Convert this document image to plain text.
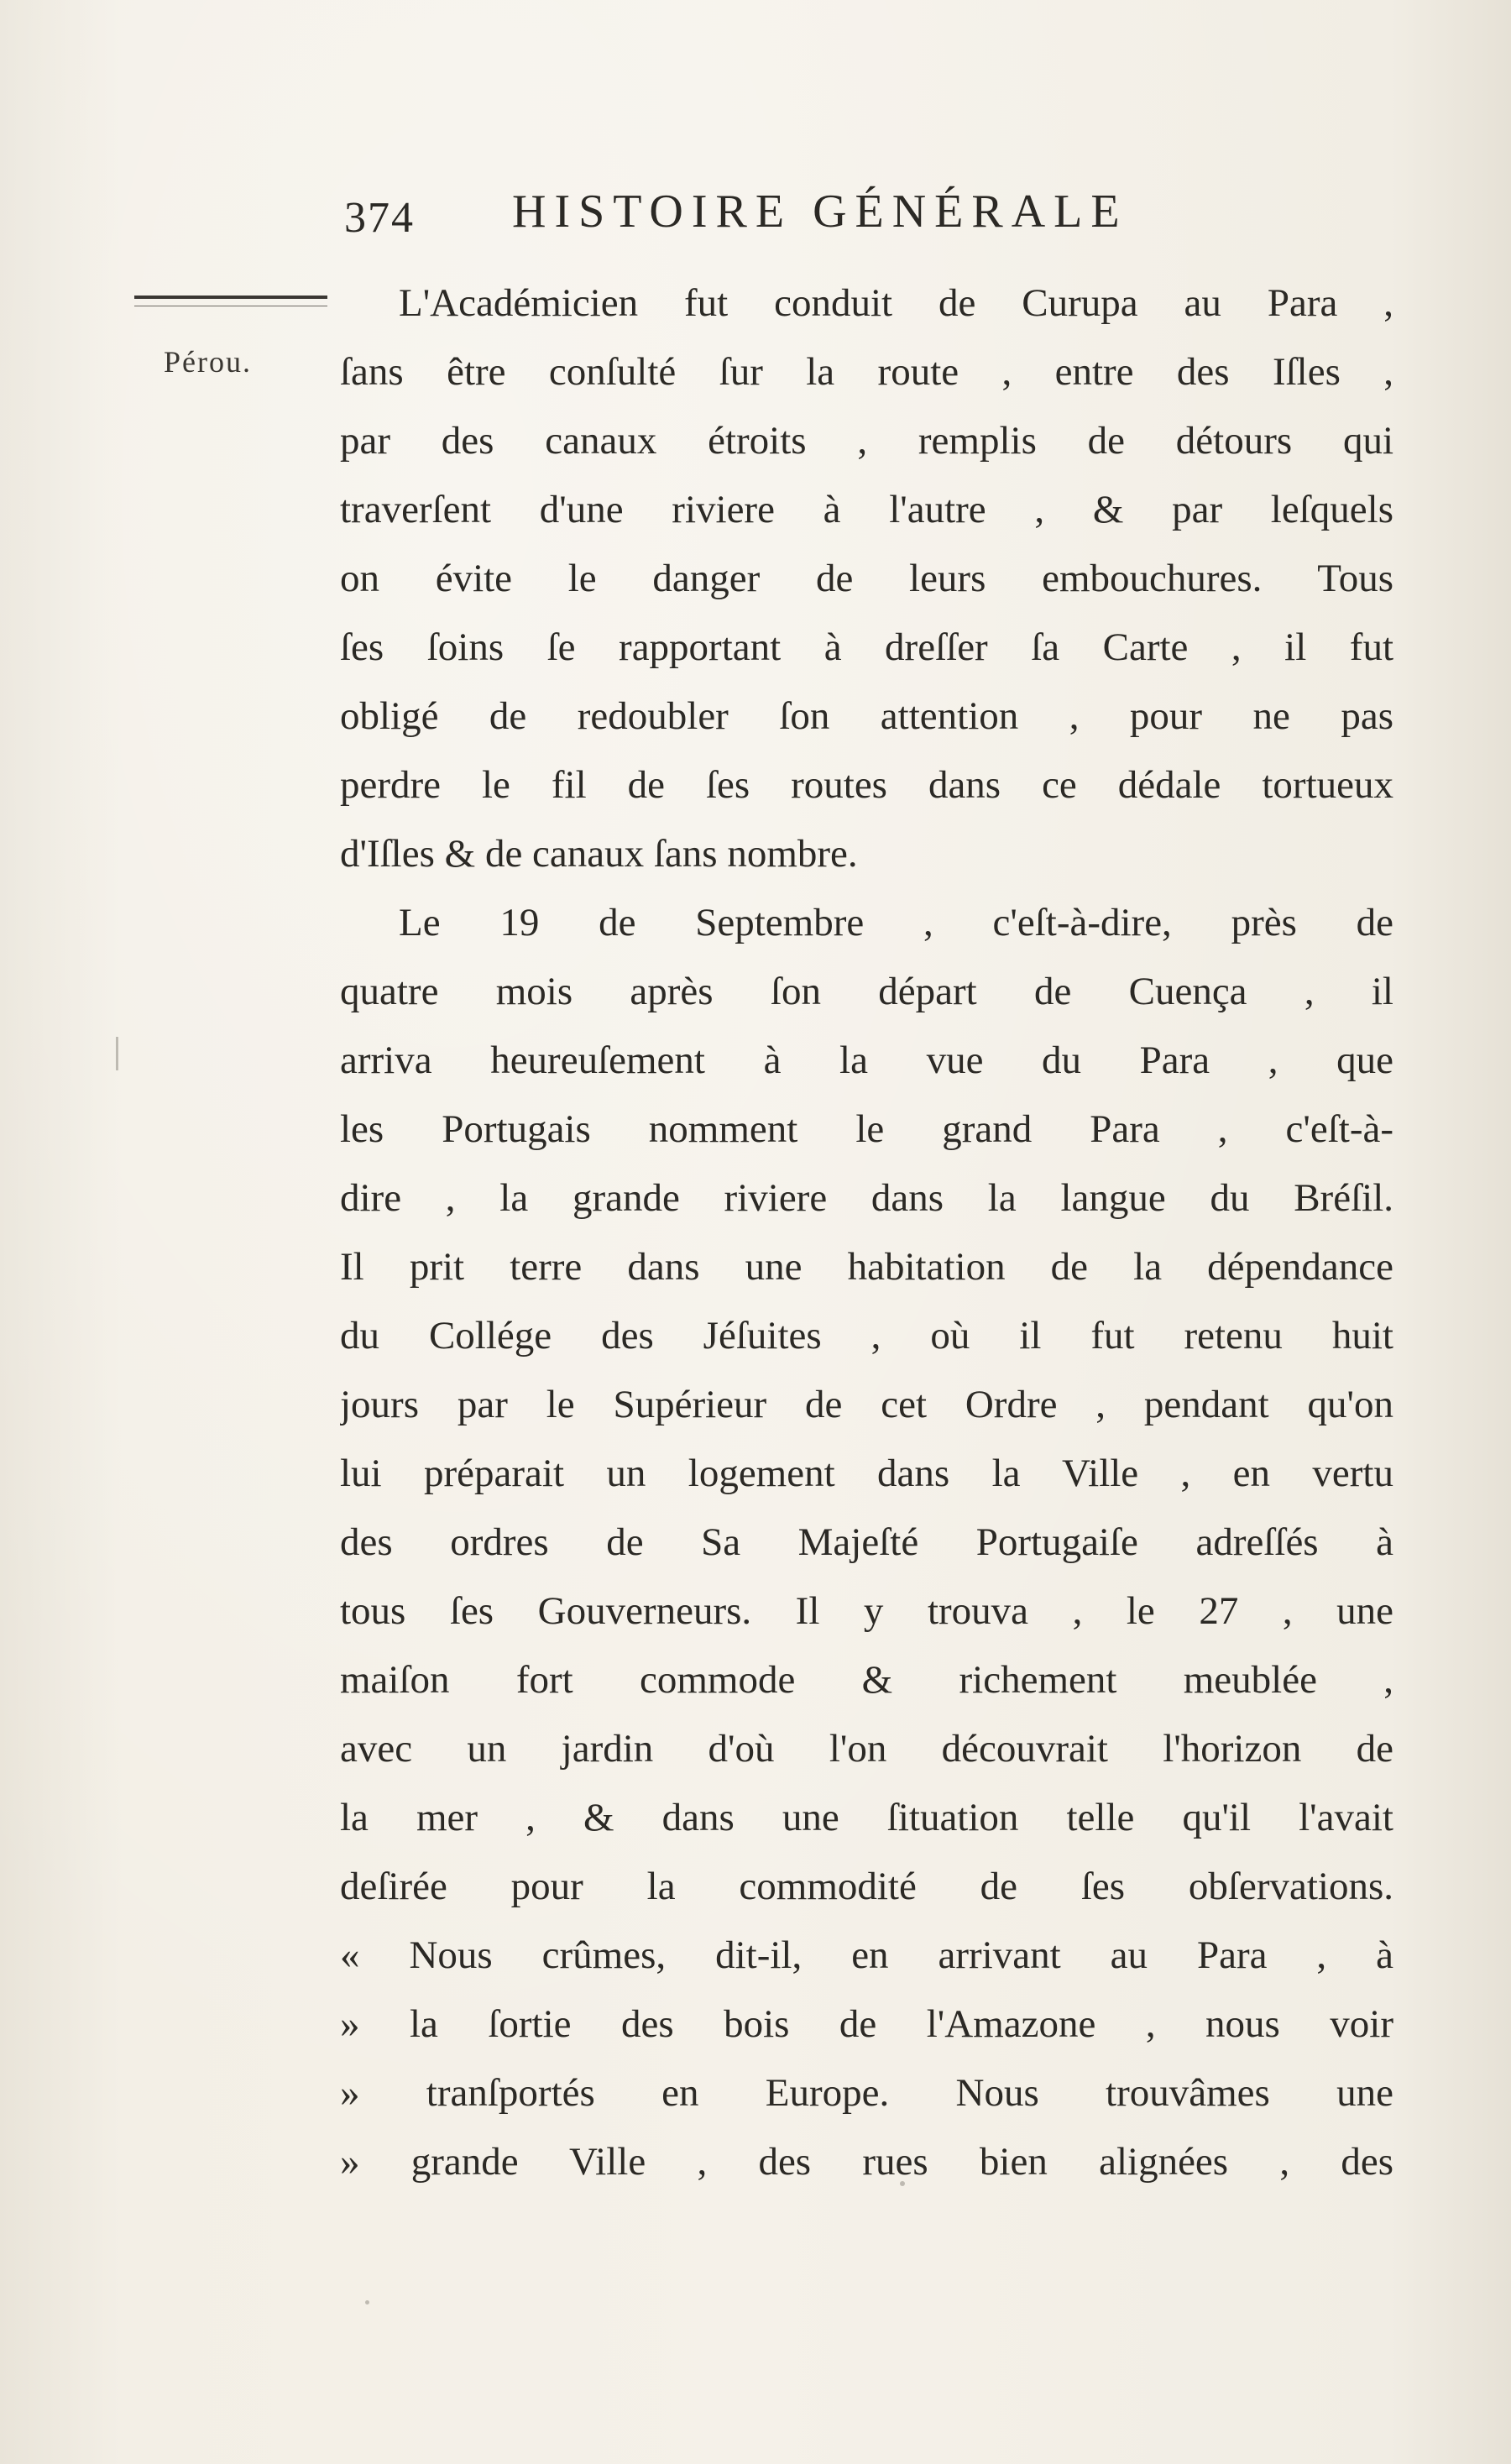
374 HISTOIRE GÉNÉRALE
Pérou.
L'Académicien fut conduit de Curupa au Para ,
ſans être conſulté ſur la route , entre des Iſles ,
par des canaux étroits , remplis de détours qui
traverſent d'une riviere à l'autre , & par leſquels
on évite le danger de leurs embouchures. Tous
ſes ſoins ſe rapportant à dreſſer ſa Carte , il fut
obligé de redoubler ſon attention , pour ne pas
perdre le fil de ſes routes dans ce dédale tortueux
d'Iſles & de canaux ſans nombre.
Le 19 de Septembre , c'eſt-à-dire, près de
quatre mois après ſon départ de Cuença , il
arriva heureuſement à la vue du Para , que
les Portugais nomment le grand Para , c'eſt-à-
dire , la grande riviere dans la langue du Bréſil.
Il prit terre dans une habitation de la dépendance
du Collége des Jéſuites , où il fut retenu huit
jours par le Supérieur de cet Ordre , pendant qu'on
lui préparait un logement dans la Ville , en vertu
des ordres de Sa Majeſté Portugaiſe adreſſés à
tous ſes Gouverneurs. Il y trouva , le 27 , une
maiſon fort commode & richement meublée ,
avec un jardin d'où l'on découvrait l'horizon de
la mer , & dans une ſituation telle qu'il l'avait
deſirée pour la commodité de ſes obſervations.
« Nous crûmes, dit-il, en arrivant au Para , à
» la ſortie des bois de l'Amazone , nous voir
» tranſportés en Europe. Nous trouvâmes une
» grande Ville , des rues bien alignées , des
